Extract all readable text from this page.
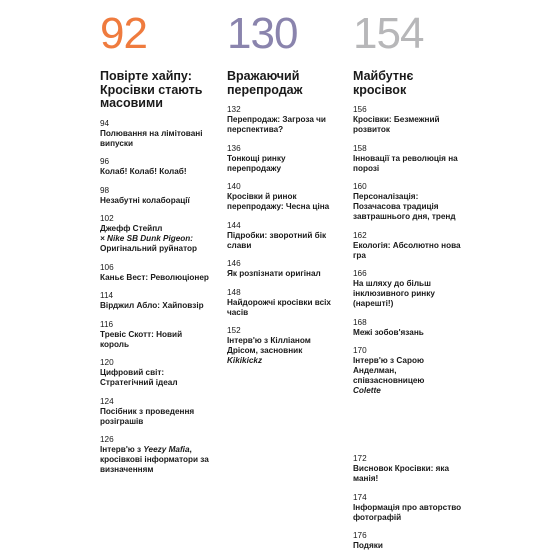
92
Повірте хайпу: Кросівки стають масовими
94
Полювання на лімітовані випуски
96
Колаб! Колаб! Колаб!
98
Незабутні колаборації
102
Джефф Стейпл
× Nike SB Dunk Pigeon:
Оригінальний руйнатор
106
Каньє Вест: Революціонер
114
Вірджил Абло: Хайповзір
116
Тревіс Скотт: Новий король
120
Цифровий світ: Стратегічний ідеал
124
Посібник з проведення розіграшів
126
Інтерв'ю з Yeezy Mafia, кросівкові інформатори за визначенням
130
Вражаючий перепродаж
132
Перепродаж: Загроза чи перспектива?
136
Тонкощі ринку перепродажу
140
Кросівки й ринок перепродажу: Чесна ціна
144
Підробки: зворотний бік слави
146
Як розпізнати оригінал
148
Найдорожчі кросівки всіх часів
152
Інтерв'ю з Кілліаном Дрісом, засновник
Kikikickz
154
Майбутнє кросівок
156
Кросівки: Безмежний розвиток
158
Інновації та революція на порозі
160
Персоналізація: Позачасова традиція завтрашнього дня, тренд
162
Екологія: Абсолютно нова гра
166
На шляху до більш інклюзивного ринку (нарешті!)
168
Межі зобов'язань
170
Інтерв'ю з Сарою Анделман, співзасновницею
Colette
172
Висновок Кросівки: яка манія!
174
Інформація про авторство фотографій
176
Подяки
